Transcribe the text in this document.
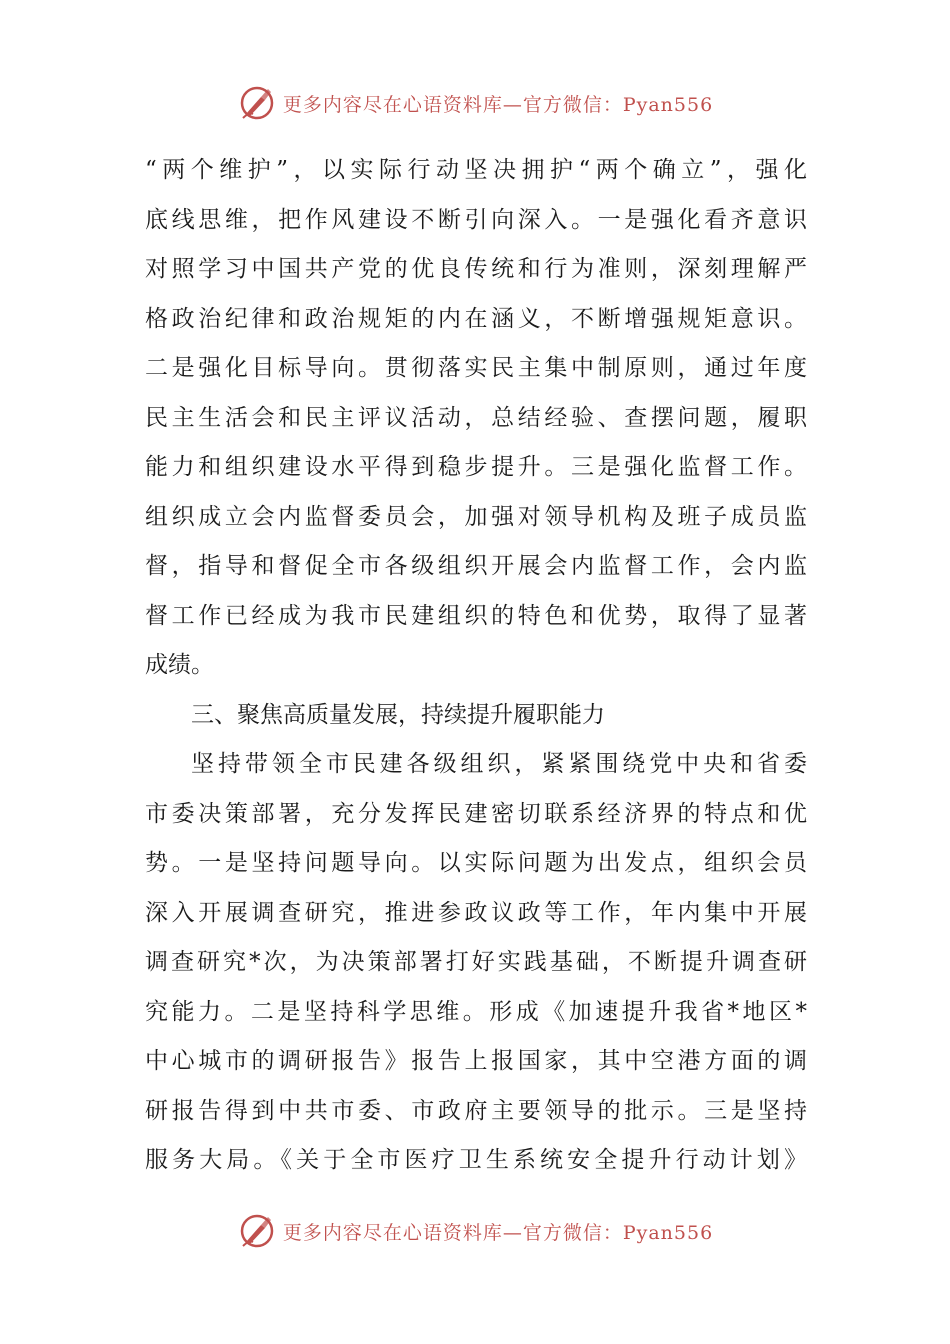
更多内容尽在心语资料库—官方微信：Pyan556
“两个维护”，以实际行动坚决拥护“两个确立”，强化
底线思维，把作风建设不断引向深入。一是强化看齐意识
对照学习中国共产党的优良传统和行为准则，深刻理解严
格政治纪律和政治规矩的内在涵义，不断增强规矩意识。
二是强化目标导向。贯彻落实民主集中制原则，通过年度
民主生活会和民主评议活动，总结经验、查摆问题，履职
能力和组织建设水平得到稳步提升。三是强化监督工作。
组织成立会内监督委员会，加强对领导机构及班子成员监
督，指导和督促全市各级组织开展会内监督工作，会内监
督工作已经成为我市民建组织的特色和优势，取得了显著
成绩。
三、聚焦高质量发展，持续提升履职能力
坚持带领全市民建各级组织，紧紧围绕党中央和省委
市委决策部署，充分发挥民建密切联系经济界的特点和优
势。一是坚持问题导向。以实际问题为出发点，组织会员
深入开展调查研究，推进参政议政等工作，年内集中开展
调查研究*次，为决策部署打好实践基础，不断提升调查研
究能力。二是坚持科学思维。形成《加速提升我省*地区*
中心城市的调研报告》报告上报国家，其中空港方面的调
研报告得到中共市委、市政府主要领导的批示。三是坚持
服务大局。《关于全市医疗卫生系统安全提升行动计划》
更多内容尽在心语资料库—官方微信：Pyan556
